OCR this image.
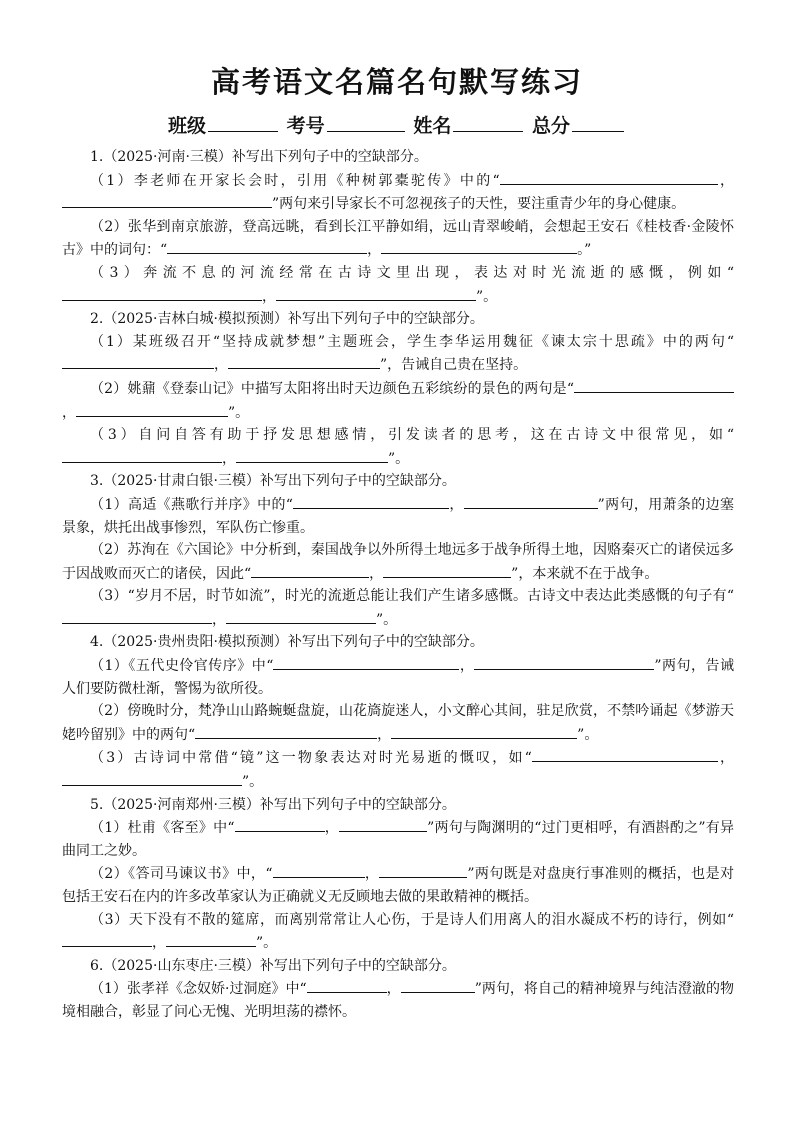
高考语文名篇名句默写练习
班级	考号	姓名	总分

1.（2025·河南·三模）补写出下列句子中的空缺部分。

（1）李老师在开家长会时，引用《种树郭橐驼传》中的“	，”两句来引导家长不可忽视孩子的天性，要注重青少年的身心健康。

（2）张华到南京旅游，登高远眺，看到长江平静如绢，远山青翠峻峭，会想起王安石《桂枝香·金陵怀古》中的词句：“	，	。”

（3）奔流不息的河流经常在古诗文里出现，表达对时光流逝的感慨，例如“，	”。

2.（2025·吉林白城·模拟预测）补写出下列句子中的空缺部分。

（1）某班级召开“坚持成就梦想”主题班会，学生李华运用魏征《谏太宗十思疏》中的两句“，	”，告诫自己贵在坚持。

（2）姚鼐《登泰山记》中描写太阳将出时天边颜色五彩缤纷的景色的两句是“，	”。

（3）自问自答有助于抒发思想感情，引发读者的思考，这在古诗文中很常见，如“，	”。

3.（2025·甘肃白银·三模）补写出下列句子中的空缺部分。

（1）高适《燕歌行并序》中的“	，	”两句，用萧条的边塞景象，烘托出战事惨烈，军队伤亡惨重。

（2）苏洵在《六国论》中分析到，秦国战争以外所得土地远多于战争所得土地，因赂秦灭亡的诸侯远多于因战败而灭亡的诸侯，因此“	，	”，本来就不在于战争。

（3）“岁月不居，时节如流”，时光的流逝总能让我们产生诸多感慨。古诗文中表达此类感慨的句子有“，	”。

4.（2025·贵州贵阳·模拟预测）补写出下列句子中的空缺部分。

（1）《五代史伶官传序》中“	，	”两句，告诫人们要防微杜渐，警惕为欲所役。

（2）傍晚时分，梵净山山路蜿蜒盘旋，山花旖旋迷人，小文醉心其间，驻足欣赏，不禁吟诵起《梦游天姥吟留别》中的两句“	，	”。

（3）古诗词中常借“镜”这一物象表达对时光易逝的慨叹，如“	，”。

5.（2025·河南郑州·三模）补写出下列句子中的空缺部分。

（1）杜甫《客至》中“	，	”两句与陶渊明的“过门更相呼，有酒斟酌之”有异曲同工之妙。

（2）《答司马谏议书》中，“	，	”两句既是对盘庚行事准则的概括，也是对包括王安石在内的许多改革家认为正确就义无反顾地去做的果敢精神的概括。

（3）天下没有不散的筵席，而离别常常让人心伤，于是诗人们用离人的泪水凝成不朽的诗行，例如“，	”。

6.（2025·山东枣庄·三模）补写出下列句子中的空缺部分。

（1）张孝祥《念奴娇·过洞庭》中“	，	”两句，将自己的精神境界与纯洁澄澈的物境相融合，彰显了问心无愧、光明坦荡的襟怀。
